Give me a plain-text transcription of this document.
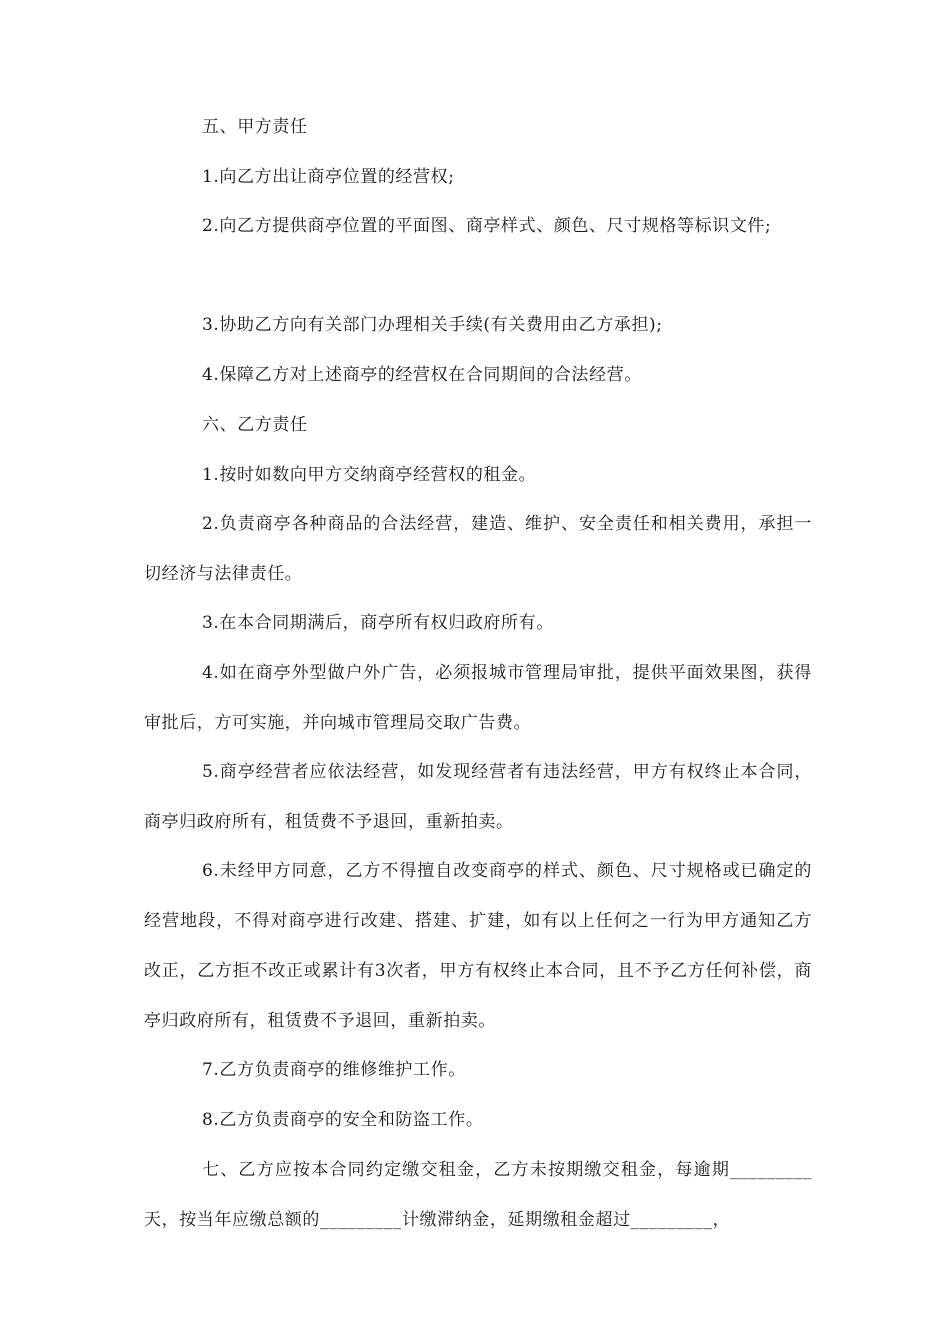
五、甲方责任

1.向乙方出让商亭位置的经营权;

2.向乙方提供商亭位置的平面图、商亭样式、颜色、尺寸规格等标识文件;

3.协助乙方向有关部门办理相关手续(有关费用由乙方承担);

4.保障乙方对上述商亭的经营权在合同期间的合法经营。

六、乙方责任

1.按时如数向甲方交纳商亭经营权的租金。

2.负责商亭各种商品的合法经营，建造、维护、安全责任和相关费用，承担一切经济与法律责任。

3.在本合同期满后，商亭所有权归政府所有。

4.如在商亭外型做户外广告，必须报城市管理局审批，提供平面效果图，获得审批后，方可实施，并向城市管理局交取广告费。

5.商亭经营者应依法经营，如发现经营者有违法经营，甲方有权终止本合同，商亭归政府所有，租赁费不予退回，重新拍卖。

6.未经甲方同意，乙方不得擅自改变商亭的样式、颜色、尺寸规格或已确定的经营地段，不得对商亭进行改建、搭建、扩建，如有以上任何之一行为甲方通知乙方改正，乙方拒不改正或累计有3次者，甲方有权终止本合同，且不予乙方任何补偿，商亭归政府所有，租赁费不予退回，重新拍卖。

7.乙方负责商亭的维修维护工作。

8.乙方负责商亭的安全和防盗工作。

七、乙方应按本合同约定缴交租金，乙方未按期缴交租金，每逾期_________天，按当年应缴总额的_________计缴滞纳金，延期缴租金超过_________，
